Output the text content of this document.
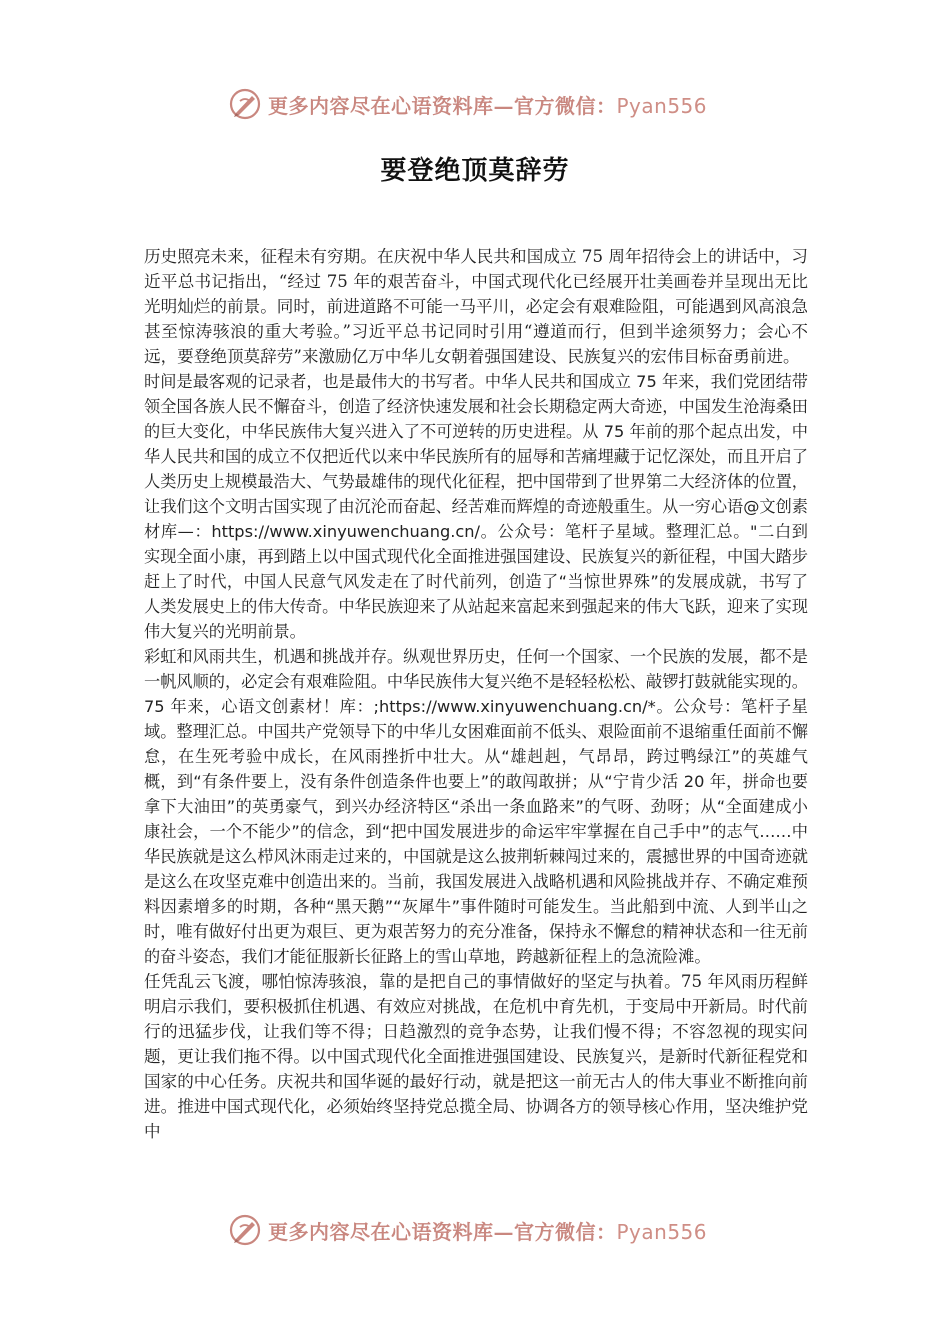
更多内容尽在心语资料库—官方微信：Pyan556
要登绝顶莫辞劳

历史照亮未来，征程未有穷期。在庆祝中华人民共和国成立 75 周年招待会上的讲话中，习近平总书记指出，“经过 75 年的艰苦奋斗，中国式现代化已经展开壮美画卷并呈现出无比光明灿烂的前景。同时，前进道路不可能一马平川，必定会有艰难险阻，可能遇到风高浪急甚至惊涛骇浪的重大考验。”习近平总书记同时引用“遵道而行，但到半途须努力；会心不远，要登绝顶莫辞劳”来激励亿万中华儿女朝着强国建设、民族复兴的宏伟目标奋勇前进。

时间是最客观的记录者，也是最伟大的书写者。中华人民共和国成立 75 年来，我们党团结带领全国各族人民不懈奋斗，创造了经济快速发展和社会长期稳定两大奇迹，中国发生沧海桑田的巨大变化，中华民族伟大复兴进入了不可逆转的历史进程。从 75 年前的那个起点出发，中华人民共和国的成立不仅把近代以来中华民族所有的屈辱和苦痛埋藏于记忆深处，而且开启了人类历史上规模最浩大、气势最雄伟的现代化征程，把中国带到了世界第二大经济体的位置，让我们这个文明古国实现了由沉沦而奋起、经苦难而辉煌的奇迹般重生。从一穷心语@文创素材库—：https://www.xinyuwenchuang.cn/。公众号：笔杆子星域。整理汇总。"二白到实现全面小康，再到踏上以中国式现代化全面推进强国建设、民族复兴的新征程，中国大踏步赶上了时代，中国人民意气风发走在了时代前列，创造了“当惊世界殊”的发展成就，书写了人类发展史上的伟大传奇。中华民族迎来了从站起来富起来到强起来的伟大飞跃，迎来了实现伟大复兴的光明前景。

彩虹和风雨共生，机遇和挑战并存。纵观世界历史，任何一个国家、一个民族的发展，都不是一帆风顺的，必定会有艰难险阻。中华民族伟大复兴绝不是轻轻松松、敲锣打鼓就能实现的。75 年来，心语文创素材！库：;https://www.xinyuwenchuang.cn/*。公众号：笔杆子星域。整理汇总。中国共产党领导下的中华儿女困难面前不低头、艰险面前不退缩重任面前不懈怠，在生死考验中成长，在风雨挫折中壮大。从“雄赳赳，气昂昂，跨过鸭绿江”的英雄气概，到“有条件要上，没有条件创造条件也要上”的敢闯敢拼；从“宁肯少活 20 年，拼命也要拿下大油田”的英勇豪气，到兴办经济特区“杀出一条血路来”的气呀、劲呀；从“全面建成小康社会，一个不能少”的信念，到“把中国发展进步的命运牢牢掌握在自己手中”的志气……中华民族就是这么栉风沐雨走过来的，中国就是这么披荆斩棘闯过来的，震撼世界的中国奇迹就是这么在攻坚克难中创造出来的。当前，我国发展进入战略机遇和风险挑战并存、不确定难预料因素增多的时期，各种“黑天鹅”“灰犀牛”事件随时可能发生。当此船到中流、人到半山之时，唯有做好付出更为艰巨、更为艰苦努力的充分准备，保持永不懈怠的精神状态和一往无前的奋斗姿态，我们才能征服新长征路上的雪山草地，跨越新征程上的急流险滩。

任凭乱云飞渡，哪怕惊涛骇浪，靠的是把自己的事情做好的坚定与执着。75 年风雨历程鲜明启示我们，要积极抓住机遇、有效应对挑战，在危机中育先机，于变局中开新局。时代前行的迅猛步伐，让我们等不得；日趋激烈的竞争态势，让我们慢不得；不容忽视的现实问题，更让我们拖不得。以中国式现代化全面推进强国建设、民族复兴，是新时代新征程党和国家的中心任务。庆祝共和国华诞的最好行动，就是把这一前无古人的伟大事业不断推向前进。推进中国式现代化，必须始终坚持党总揽全局、协调各方的领导核心作用，坚决维护党中

更多内容尽在心语资料库—官方微信：Pyan556
